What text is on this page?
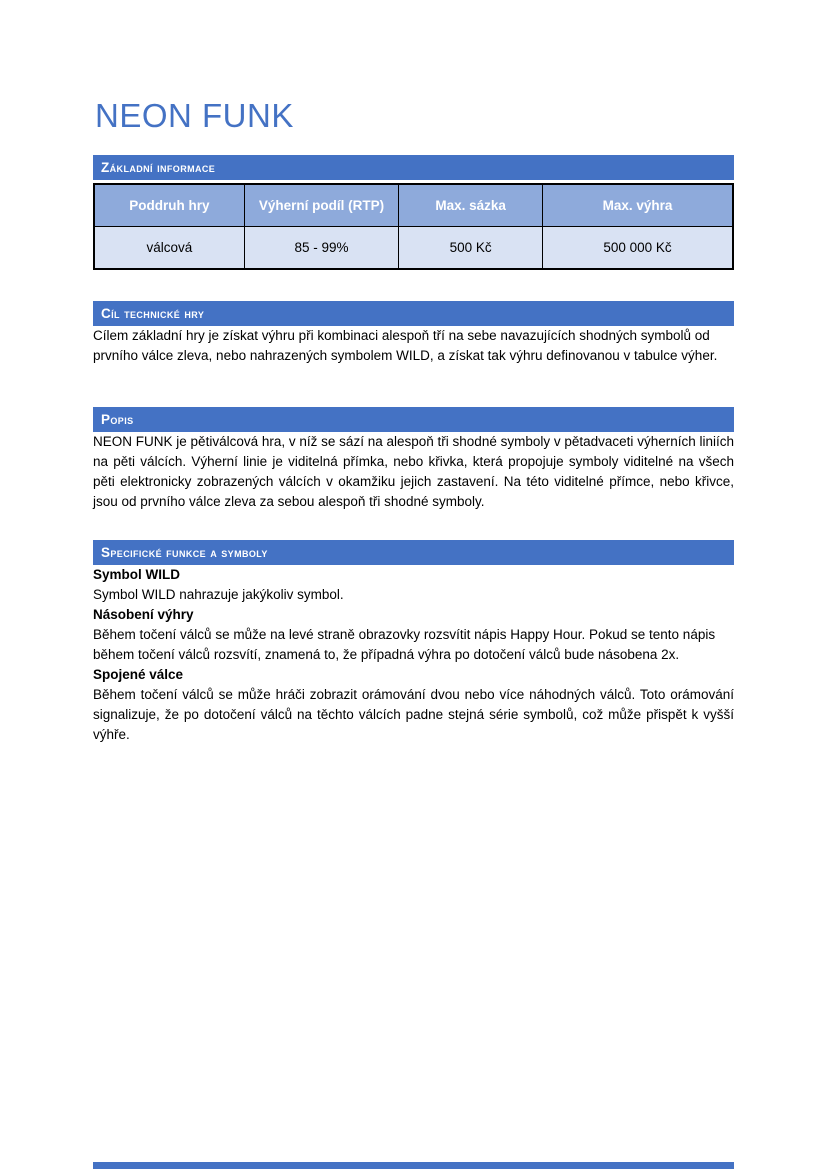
NEON FUNK
Základní informace
Poddruh hry	Výherní podíl (RTP)	Max. sázka	Max. výhra
válcová	85 - 99%	500 Kč	500 000 Kč
Cíl technické hry

Cílem základní hry je získat výhru při kombinaci alespoň tří na sebe navazujících shodných symbolů od prvního válce zleva, nebo nahrazených symbolem WILD, a získat tak výhru definovanou v tabulce výher.

Popis

NEON FUNK je pětiválcová hra, v níž se sází na alespoň tři shodné symboly v pětadvaceti výherních liniích na pěti válcích. Výherní linie je viditelná přímka, nebo křivka, která propojuje symboly viditelné na všech pěti elektronicky zobrazených válcích v okamžiku jejich zastavení. Na této viditelné přímce, nebo křivce, jsou od prvního válce zleva za sebou alespoň tři shodné symboly.

Specifické funkce a symboly
Symbol WILD

Symbol WILD nahrazuje jakýkoliv symbol.

Násobení výhry

Během točení válců se může na levé straně obrazovky rozsvítit nápis Happy Hour. Pokud se tento nápis během točení válců rozsvítí, znamená to, že případná výhra po dotočení válců bude násobena 2x.

Spojené válce

Během točení válců se může hráči zobrazit orámování dvou nebo více náhodných válců. Toto orámování signalizuje, že po dotočení válců na těchto válcích padne stejná série symbolů, což může přispět k vyšší výhře.
